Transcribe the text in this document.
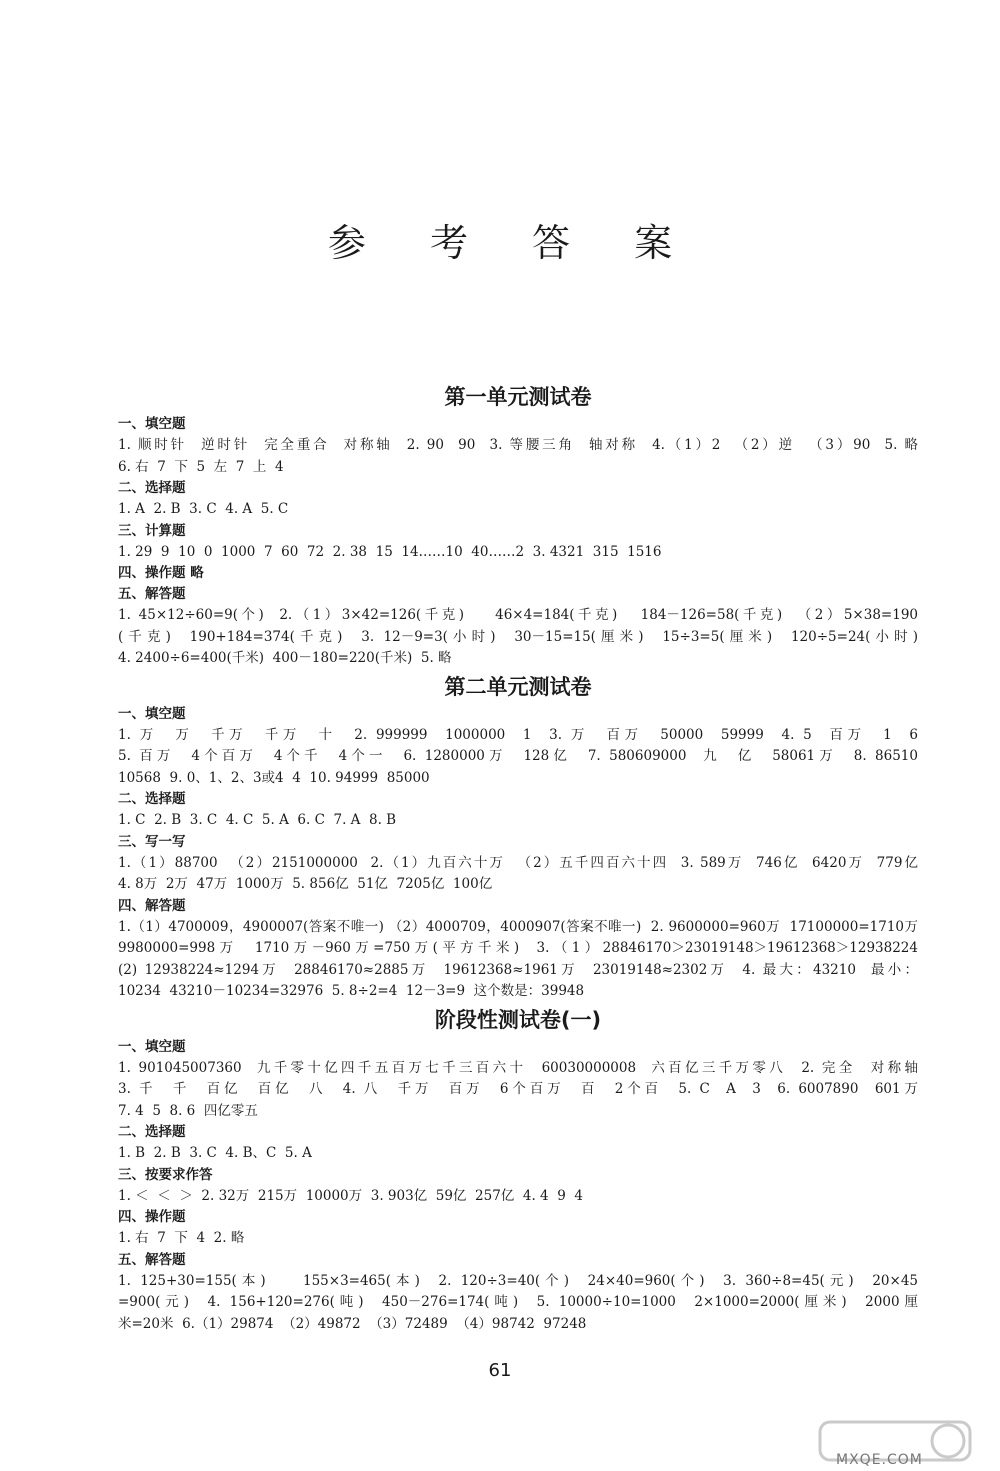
参 考 答 案
第一单元测试卷
一、填空题
1. 顺时针  逆时针  完全重合  对称轴  2. 90  90  3. 等腰三角  轴对称  4.（1）2  （2）逆  （3）90  5. 略
6. 右  7  下  5  左  7  上  4
二、选择题
1. A  2. B  3. C  4. A  5. C
三、计算题
1. 29  9  10  0  1000  7  60  72  2. 38  15  14……10  40……2  3. 4321  315  1516
四、操作题 略
五、解答题
1. 45×12÷60=9(个)  2.（1）3×42=126(千克)    46×4=184(千克)   184－126=58(千克)  （2）5×38=190
(千克)  190+184=374(千克)  3. 12－9=3(小时)  30－15=15(厘米)  15÷3=5(厘米)  120÷5=24(小时)
4. 2400÷6=400(千米)  400－180=220(千米)  5. 略
第二单元测试卷
一、填空题
1. 万  万  千万  千万  十  2. 999999  1000000  1  3. 万  百万  50000  59999  4. 5  百万  1  6
5. 百万  4个百万  4个千  4个一  6. 1280000万  128亿  7. 580609000  九  亿  58061万  8. 86510
10568  9. 0、1、2、3或4  4  10. 94999  85000
二、选择题
1. C  2. B  3. C  4. C  5. A  6. C  7. A  8. B
三、写一写
1.（1）88700  （2）2151000000  2.（1）九百六十万  （2）五千四百六十四  3. 589万  746亿  6420万  779亿
4. 8万  2万  47万  1000万  5. 856亿  51亿  7205亿  100亿
四、解答题
1.（1）4700009，4900007(答案不唯一) （2）4000709，4000907(答案不唯一)  2. 9600000=960万  17100000=1710万
9980000=998万  1710万－960万=750万(平方千米)  3.（1）28846170＞23019148＞19612368＞12938224
(2) 12938224≈1294万  28846170≈2885万  19612368≈1961万  23019148≈2302万  4. 最大：43210  最小：
10234  43210－10234=32976  5. 8÷2=4  12－3=9  这个数是：39948
阶段性测试卷(一)
一、填空题
1. 901045007360  九千零十亿四千五百万七千三百六十  60030000008  六百亿三千万零八  2. 完全  对称轴
3. 千  千  百亿  百亿  八  4. 八  千万  百万  6个百万  百  2个百  5. C  A  3  6. 6007890  601万
7. 4  5  8. 6  四亿零五
二、选择题
1. B  2. B  3. C  4. B、C  5. A
三、按要求作答
1. ＜  ＜  ＞  2. 32万  215万  10000万  3. 903亿  59亿  257亿  4. 4  9  4
四、操作题
1. 右  7  下  4  2. 略
五、解答题
1. 125+30=155(本)    155×3=465(本)  2. 120÷3=40(个)  24×40=960(个)  3. 360÷8=45(元)  20×45
=900(元)  4. 156+120=276(吨)  450－276=174(吨)  5. 10000÷10=1000  2×1000=2000(厘米)  2000厘
米=20米  6.（1）29874  （2）49872  （3）72489  （4）98742  97248
61
MXQE.COM
